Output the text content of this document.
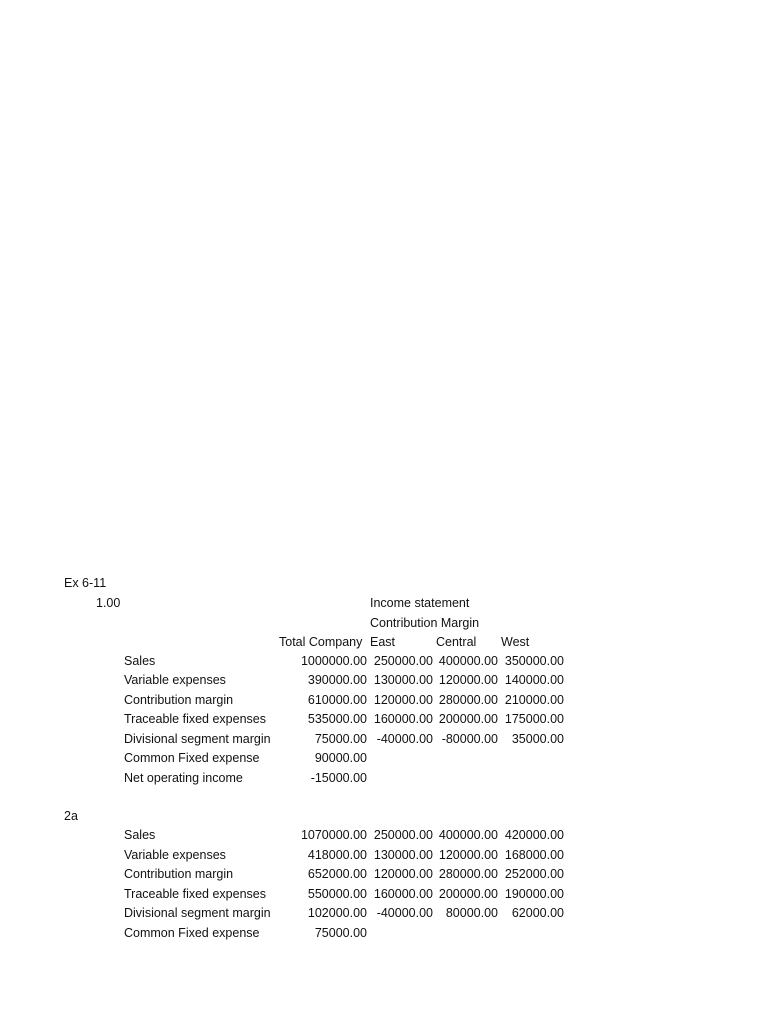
Ex 6-11
1.00	Income statement
Contribution Margin
Total Company East	Central West
Sales	1000000.00 250000.00 400000.00 350000.00
Variable expenses	390000.00 130000.00 120000.00 140000.00
Contribution margin	610000.00 120000.00 280000.00 210000.00
Traceable fixed expenses	535000.00 160000.00 200000.00 175000.00
Divisional segment margin	75000.00 -40000.00 -80000.00	35000.00
Common Fixed expense	90000.00
Net operating income	-15000.00
2a
Sales	1070000.00 250000.00 400000.00 420000.00
Variable expenses	418000.00 130000.00 120000.00 168000.00
Contribution margin	652000.00 120000.00 280000.00 252000.00
Traceable fixed expenses	550000.00 160000.00 200000.00 190000.00
Divisional segment margin	102000.00 -40000.00	80000.00	62000.00
Common Fixed expense	75000.00
